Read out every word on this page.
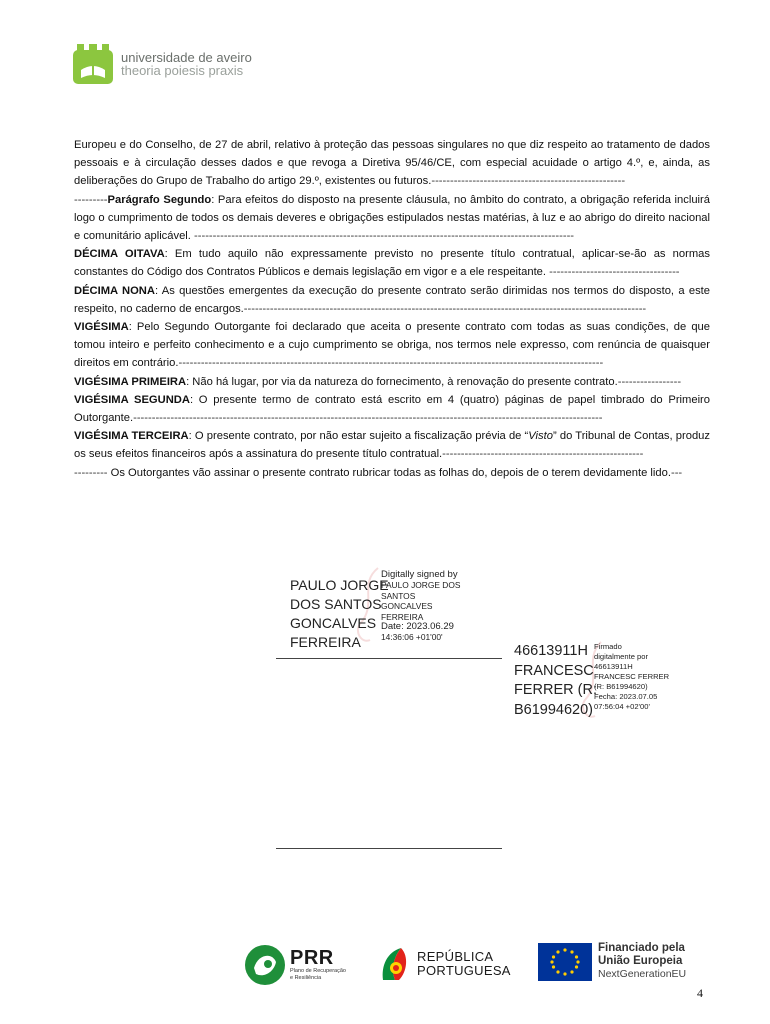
universidade de aveiro
theoria poiesis praxis

Europeu e do Conselho, de 27 de abril, relativo à proteção das pessoas singulares no que diz respeito ao tratamento de dados pessoais e à circulação desses dados e que revoga a Diretiva 95/46/CE, com especial acuidade o artigo 4.º, e, ainda, as deliberações do Grupo de Trabalho do artigo 29.º, existentes ou futuros.----------------------------------------------------

---------Parágrafo Segundo: Para efeitos do disposto na presente cláusula, no âmbito do contrato, a obrigação referida incluirá logo o cumprimento de todos os demais deveres e obrigações estipulados nestas matérias, à luz e ao abrigo do direito nacional e comunitário aplicável. ------------------------------------------------------------------------------------------------------

DÉCIMA OITAVA: Em tudo aquilo não expressamente previsto no presente título contratual, aplicar-se-ão as normas constantes do Código dos Contratos Públicos e demais legislação em vigor e a ele respeitante. -----------------------------------

DÉCIMA NONA: As questões emergentes da execução do presente contrato serão dirimidas nos termos do disposto, a este respeito, no caderno de encargos.------------------------------------------------------------------------------------------------------------

VIGÉSIMA: Pelo Segundo Outorgante foi declarado que aceita o presente contrato com todas as suas condições, de que tomou inteiro e perfeito conhecimento e a cujo cumprimento se obriga, nos termos nele expresso, com renúncia de quaisquer direitos em contrário.------------------------------------------------------------------------------------------------------------------

VIGÉSIMA PRIMEIRA: Não há lugar, por via da natureza do fornecimento, à renovação do presente contrato.-----------------

VIGÉSIMA SEGUNDA: O presente termo de contrato está escrito em 4 (quatro) páginas de papel timbrado do Primeiro Outorgante.------------------------------------------------------------------------------------------------------------------------------

VIGÉSIMA TERCEIRA: O presente contrato, por não estar sujeito a fiscalização prévia de “Visto” do Tribunal de Contas, produz os seus efeitos financeiros após a assinatura do presente título contratual.------------------------------------------------------

--------- Os Outorgantes vão assinar o presente contrato rubricar todas as folhas do, depois de o terem devidamente lido.---

PAULO JORGE
DOS SANTOS
GONCALVES
FERREIRA
Digitally signed by
PAULO JORGE DOS
SANTOS
GONCALVES
FERREIRA
Date: 2023.06.29
14:36:06 +01'00'
46613911H
FRANCESC
FERRER (R:
B61994620)
Firmado
digitalmente por
46613911H
FRANCESC FERRER
(R: B61994620)
Fecha: 2023.07.05
07:56:04 +02'00'
PRR
Plano de Recuperação
e Resiliência
REPÚBLICA
PORTUGUESA
Financiado pela
União Europeia
NextGenerationEU
4
